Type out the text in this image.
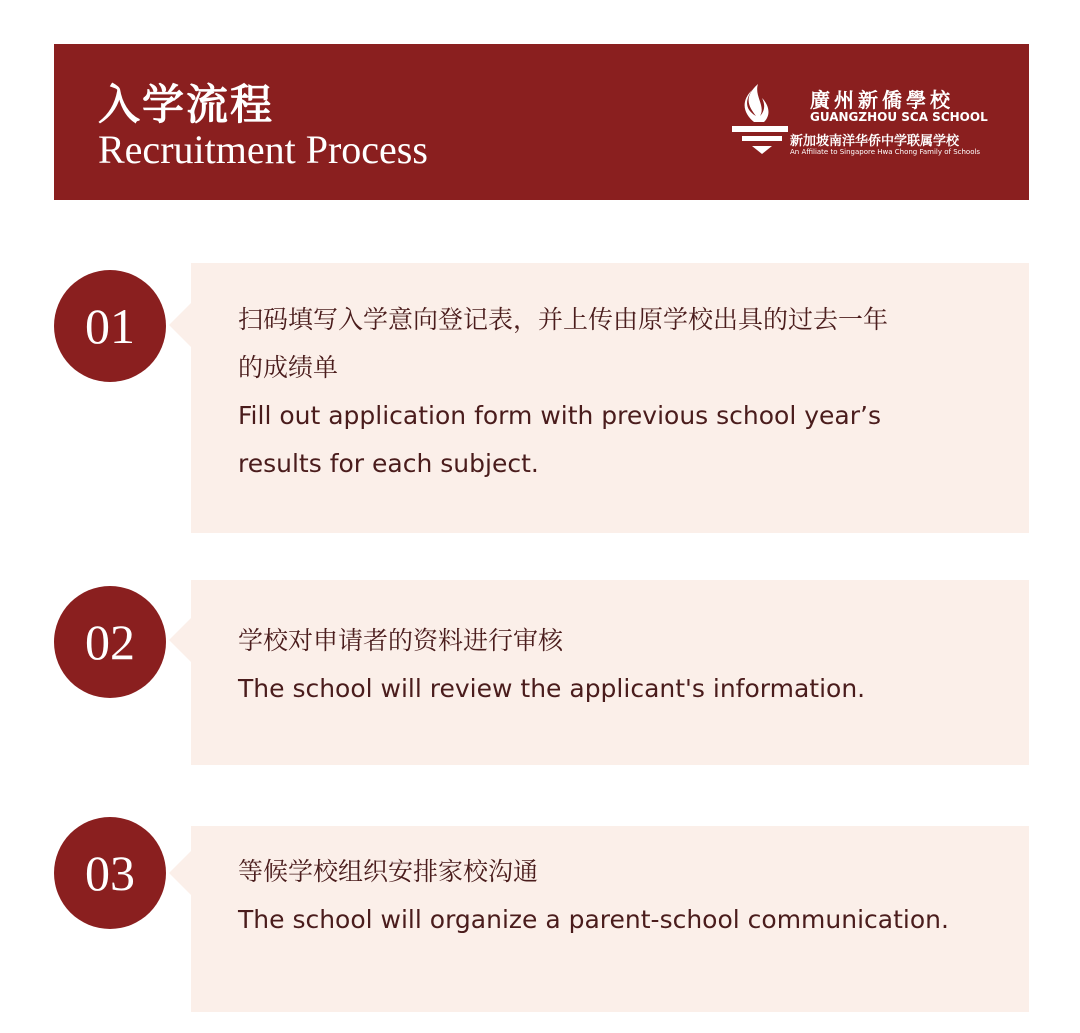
入学流程
Recruitment Process
廣州新僑學校
GUANGZHOU SCA SCHOOL
新加坡南洋华侨中学联属学校
An Affiliate to Singapore Hwa Chong Family of Schools
01	扫码填写入学意向登记表，并上传由原学校出具的过去一年
的成绩单
Fill out application form with previous school year’s
results for each subject.
02	学校对申请者的资料进行审核
The school will review the applicant's information.
03	等候学校组织安排家校沟通
The school will organize a parent-school communication.
